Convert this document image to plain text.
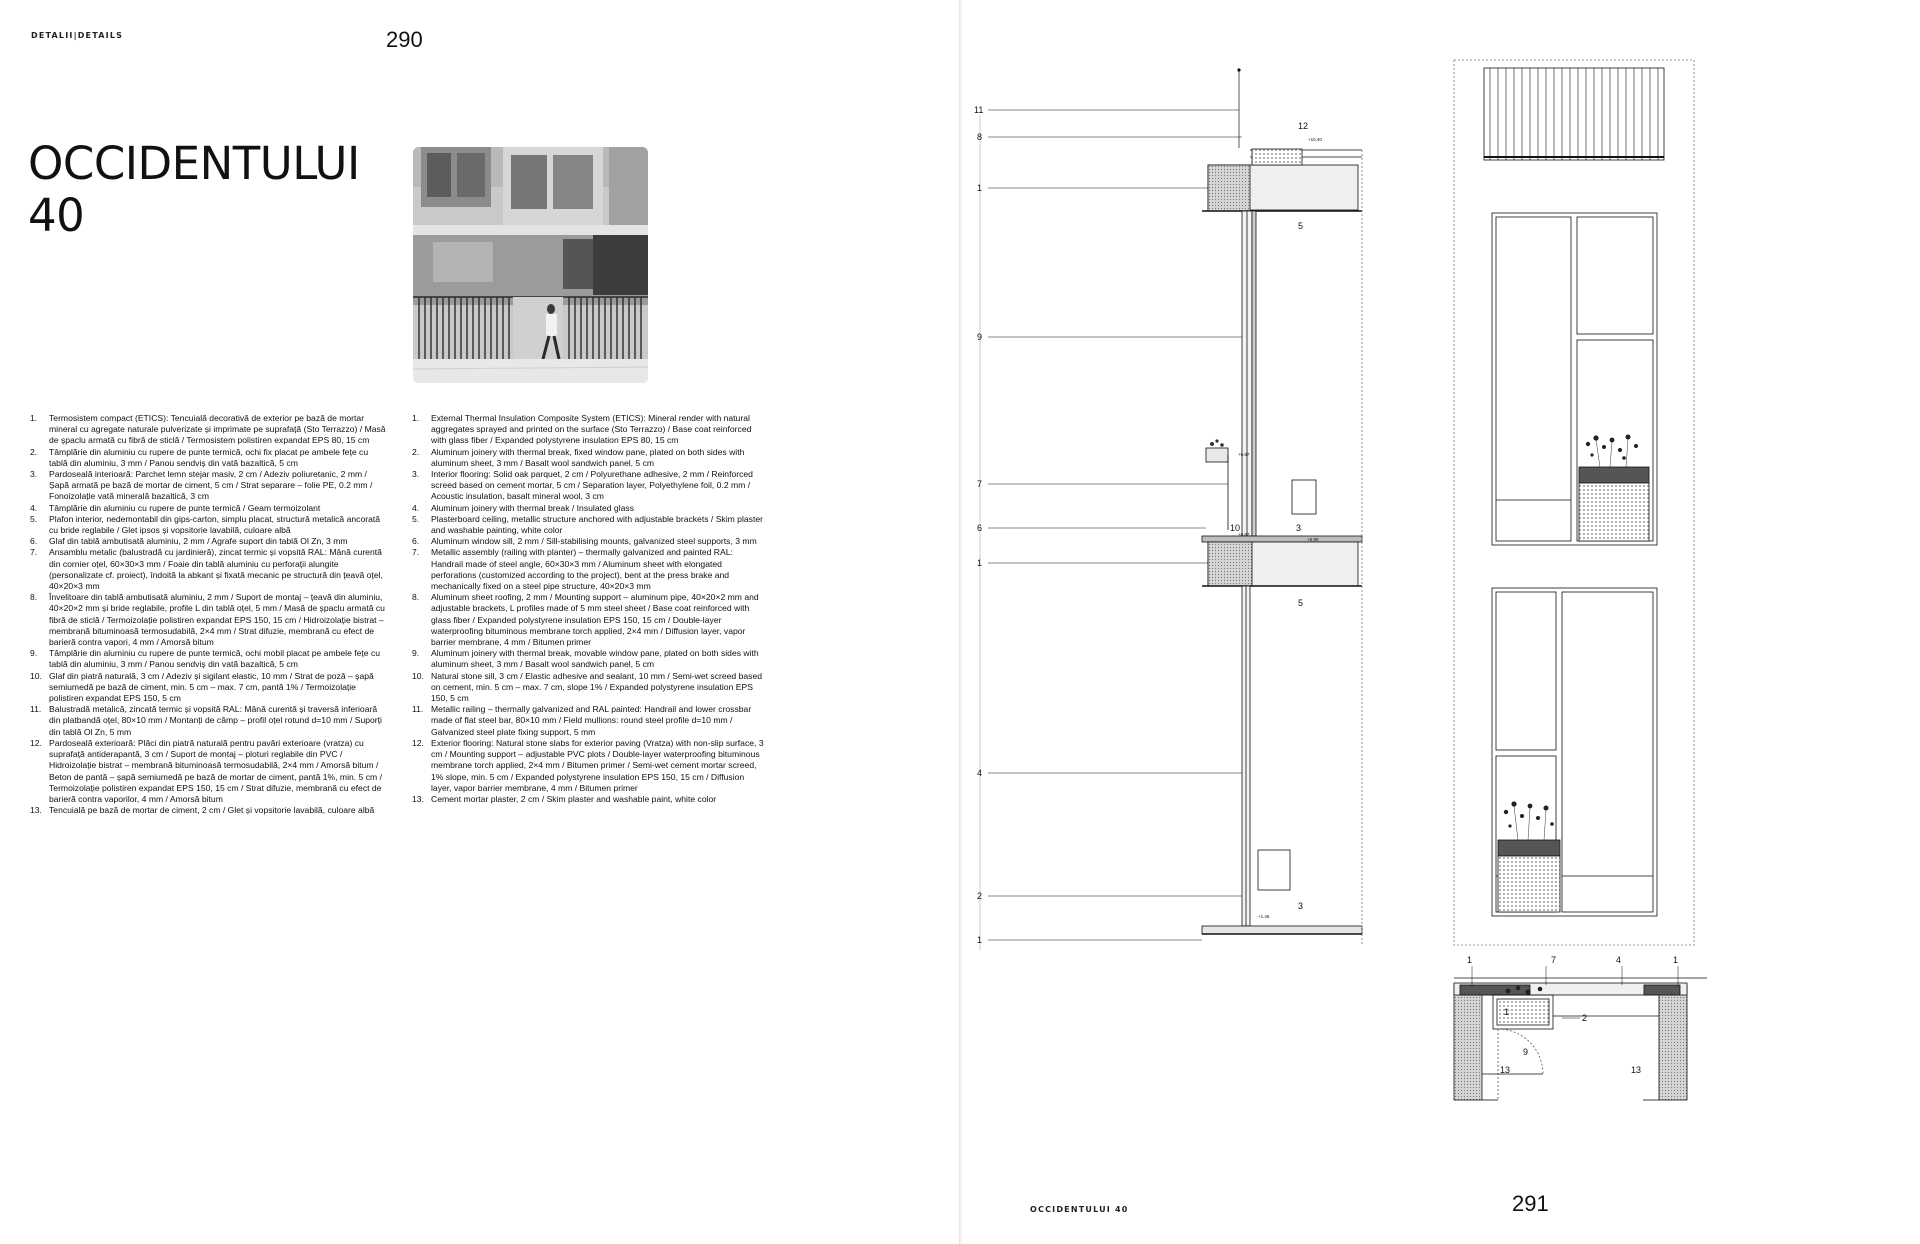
DETALII|DETAILS	290
OCCIDENTULUI
40
1. Termosistem compact (ETICS): Tencuială decorativă de exterior pe bază de mortar mineral cu agregate naturale pulverizate și imprimate pe suprafață (Sto Terrazzo) / Masă de șpaclu armată cu fibră de sticlă / Termosistem polistiren expandat EPS 80, 15 cm
2. Tâmplărie din aluminiu cu rupere de punte termică, ochi fix placat pe ambele fețe cu tablă din aluminiu, 3 mm / Panou sendviș din vată bazaltică, 5 cm
3. Pardoseală interioară: Parchet lemn stejar masiv, 2 cm / Adeziv poliuretanic, 2 mm / Șapă armată pe bază de mortar de ciment, 5 cm / Strat separare – folie PE, 0.2 mm / Fonoizolație vată minerală bazaltică, 3 cm
4. Tâmplărie din aluminiu cu rupere de punte termică / Geam termoizolant
5. Plafon interior, nedemontabil din gips-carton, simplu placat, structură metalică ancorată cu bride reglabile / Glet ipsos și vopsitorie lavabilă, culoare albă
6. Glaf din tablă ambutisată aluminiu, 2 mm / Agrafe suport din tablă Ol Zn, 3 mm
7. Ansamblu metalic (balustradă cu jardinieră), zincat termic și vopsită RAL: Mână curentă din cornier oțel, 60×30×3 mm / Foaie din tablă aluminiu cu perforații alungite (personalizate cf. proiect), îndoită la abkant și fixată mecanic pe structură din țeavă oțel, 40×20×3 mm
8. Învelitoare din tablă ambutisată aluminiu, 2 mm / Suport de montaj – țeavă din aluminiu, 40×20×2 mm și bride reglabile, profile L din tablă oțel, 5 mm / Masă de șpaclu armată cu fibră de sticlă / Termoizolație polistiren expandat EPS 150, 15 cm / Hidroizolație bistrat – membrană bituminoasă termosudabilă, 2×4 mm / Strat difuzie, membrană cu efect de barieră contra vapori, 4 mm / Amorsă bitum
9. Tâmplărie din aluminiu cu rupere de punte termică, ochi mobil placat pe ambele fețe cu tablă din aluminiu, 3 mm / Panou sendviș din vată bazaltică, 5 cm
10. Glaf din piatră naturală, 3 cm / Adeziv și sigilant elastic, 10 mm / Strat de poză – șapă semiumedă pe bază de ciment, min. 5 cm – max. 7 cm, pantă 1% / Termoizolație polistiren expandat EPS 150, 5 cm
11. Balustradă metalică, zincată termic și vopsită RAL: Mână curentă și traversă inferioară din platbandă oțel, 80×10 mm / Montanți de câmp – profil oțel rotund d=10 mm / Suporți din tablă Ol Zn, 5 mm
12. Pardoseală exterioară: Plăci din piatră naturală pentru pavări exterioare (vratza) cu suprafață antiderapantă, 3 cm / Suport de montaj – ploturi reglabile din PVC / Hidroizolație bistrat – membrană bituminoasă termosudabilă, 2×4 mm / Amorsă bitum / Beton de pantă – șapă semiumedă pe bază de mortar de ciment, pantă 1%, min. 5 cm / Termoizolație polistiren expandat EPS 150, 15 cm / Strat difuzie, membrană cu efect de barieră contra vaporilor, 4 mm / Amorsă bitum
13. Tencuială pe bază de mortar de ciment, 2 cm / Glet și vopsitorie lavabilă, culoare albă
1. External Thermal Insulation Composite System (ETICS): Mineral render with natural aggregates sprayed and printed on the surface (Sto Terrazzo) / Base coat reinforced with glass fiber / Expanded polystyrene insulation EPS 80, 15 cm
2. Aluminum joinery with thermal break, fixed window pane, plated on both sides with aluminum sheet, 3 mm / Basalt wool sandwich panel, 5 cm
3. Interior flooring: Solid oak parquet, 2 cm / Polyurethane adhesive, 2 mm / Reinforced screed based on cement mortar, 5 cm / Separation layer, Polyethylene foil, 0.2 mm / Acoustic insulation, basalt mineral wool, 3 cm
4. Aluminum joinery with thermal break / Insulated glass
5. Plasterboard ceiling, metallic structure anchored with adjustable brackets / Skim plaster and washable painting, white color
6. Aluminum window sill, 2 mm / Sill-stabilising mounts, galvanized steel supports, 3 mm
7. Metallic assembly (railing with planter) – thermally galvanized and painted RAL: Handrail made of steel angle, 60×30×3 mm / Aluminum sheet with elongated perforations (customized according to the project), bent at the press brake and mechanically fixed on a steel pipe structure, 40×20×3 mm
8. Aluminum sheet roofing, 2 mm / Mounting support – aluminum pipe, 40×20×2 mm and adjustable brackets, L profiles made of 5 mm steel sheet / Base coat reinforced with glass fiber / Expanded polystyrene insulation EPS 150, 15 cm / Double-layer waterproofing bituminous membrane torch applied, 2×4 mm / Diffusion layer, vapor barrier membrane, 4 mm / Bitumen primer
9. Aluminum joinery with thermal break, movable window pane, plated on both sides with aluminum sheet, 3 mm / Basalt wool sandwich panel, 5 cm
10. Natural stone sill, 3 cm / Elastic adhesive and sealant, 10 mm / Semi-wet screed based on cement, min. 5 cm – max. 7 cm, slope 1% / Expanded polystyrene insulation EPS 150, 5 cm
11. Metallic railing – thermally galvanized and RAL painted: Handrail and lower crossbar made of flat steel bar, 80×10 mm / Field mullions: round steel profile d=10 mm / Galvanized steel plate fixing support, 5 mm
12. Exterior flooring: Natural stone slabs for exterior paving (Vratza) with non-slip surface, 3 cm / Mounting support – adjustable PVC plots / Double-layer waterproofing bituminous membrane torch applied, 2×4 mm / Bitumen primer / Semi-wet cement mortar screed, 1% slope, min. 5 cm / Expanded polystyrene insulation EPS 150, 15 cm / Diffusion layer, vapor barrier membrane, 4 mm / Bitumen primer
13. Cement mortar plaster, 2 cm / Skim plaster and washable paint, white color
11
8
1
12
5
9
7
6	10	3
1
5
4
2
3
1
+10.40
+6.87
+6.87
+6.90
+1.46
1	7	4	1
1
2
9
13	13
OCCIDENTULUI 40	291
